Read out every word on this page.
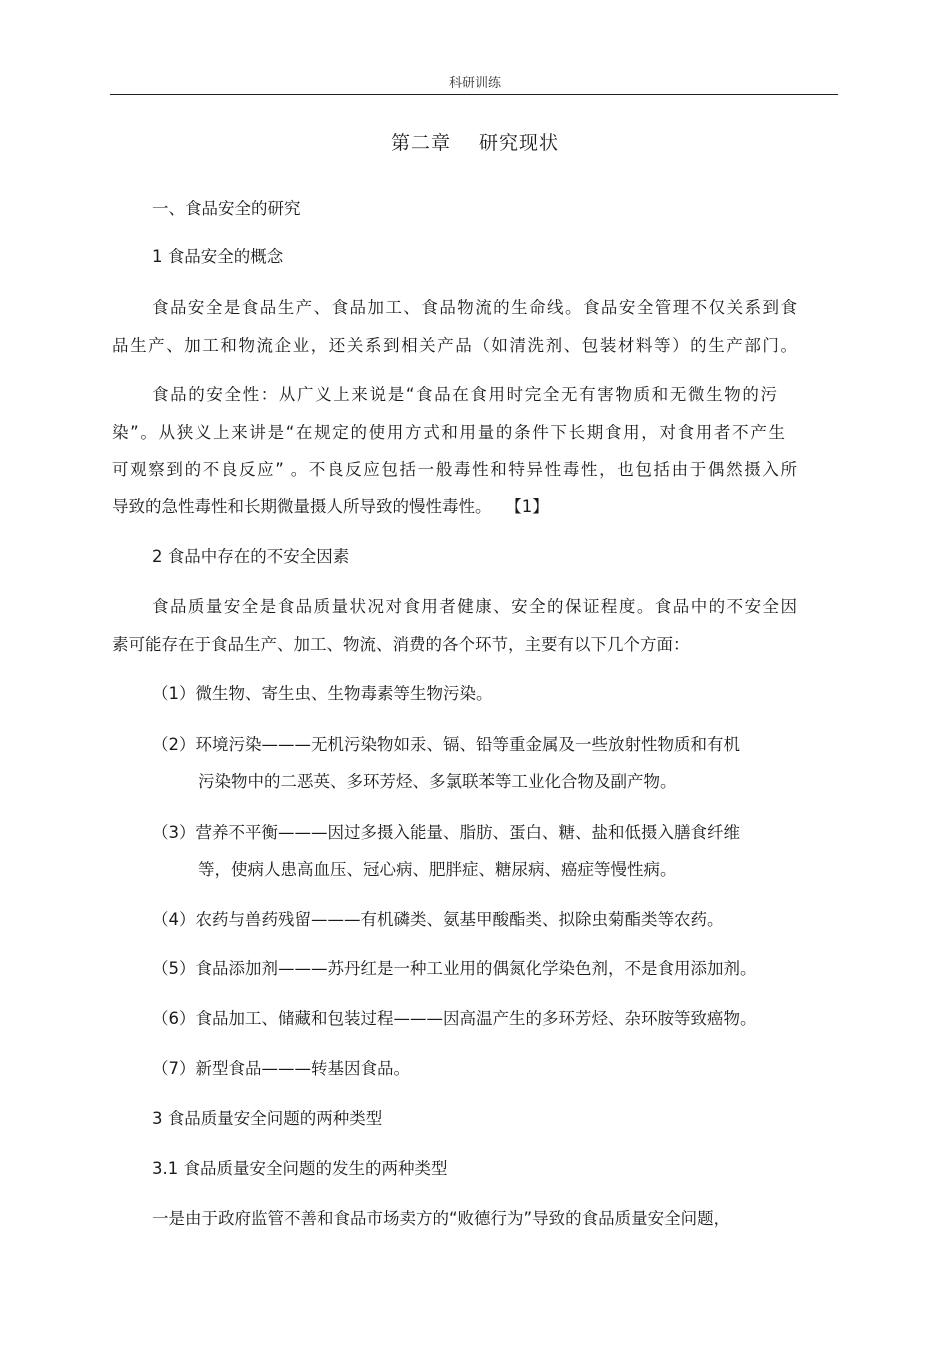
科研训练
第二章 研究现状
一、食品安全的研究
1 食品安全的概念
食品安全是食品生产、食品加工、食品物流的生命线。食品安全管理不仅关系到食
品生产、加工和物流企业，还关系到相关产品（如清洗剂、包装材料等）的生产部门。
食品的安全性：从广义上来说是“食品在食用时完全无有害物质和无微生物的污
染”。从狭义上来讲是“在规定的使用方式和用量的条件下长期食用，对食用者不产生
可观察到的不良反应” 。不良反应包括一般毒性和特异性毒性，也包括由于偶然摄入所
导致的急性毒性和长期微量摄人所导致的慢性毒性。 【1】
2 食品中存在的不安全因素
食品质量安全是食品质量状况对食用者健康、安全的保证程度。食品中的不安全因
素可能存在于食品生产、加工、物流、消费的各个环节，主要有以下几个方面：
（1）微生物、寄生虫、生物毒素等生物污染。
（2）环境污染———无机污染物如汞、镉、铅等重金属及一些放射性物质和有机
污染物中的二恶英、多环芳烃、多氯联苯等工业化合物及副产物。
（3）营养不平衡———因过多摄入能量、脂肪、蛋白、糖、盐和低摄入膳食纤维
等，使病人患高血压、冠心病、肥胖症、糖尿病、癌症等慢性病。
（4）农药与兽药残留———有机磷类、氨基甲酸酯类、拟除虫菊酯类等农药。
（5）食品添加剂———苏丹红是一种工业用的偶氮化学染色剂，不是食用添加剂。
（6）食品加工、储藏和包装过程———因高温产生的多环芳烃、杂环胺等致癌物。
（7）新型食品———转基因食品。
3 食品质量安全问题的两种类型
3.1 食品质量安全问题的发生的两种类型
一是由于政府监管不善和食品市场卖方的“败德行为”导致的食品质量安全问题，
